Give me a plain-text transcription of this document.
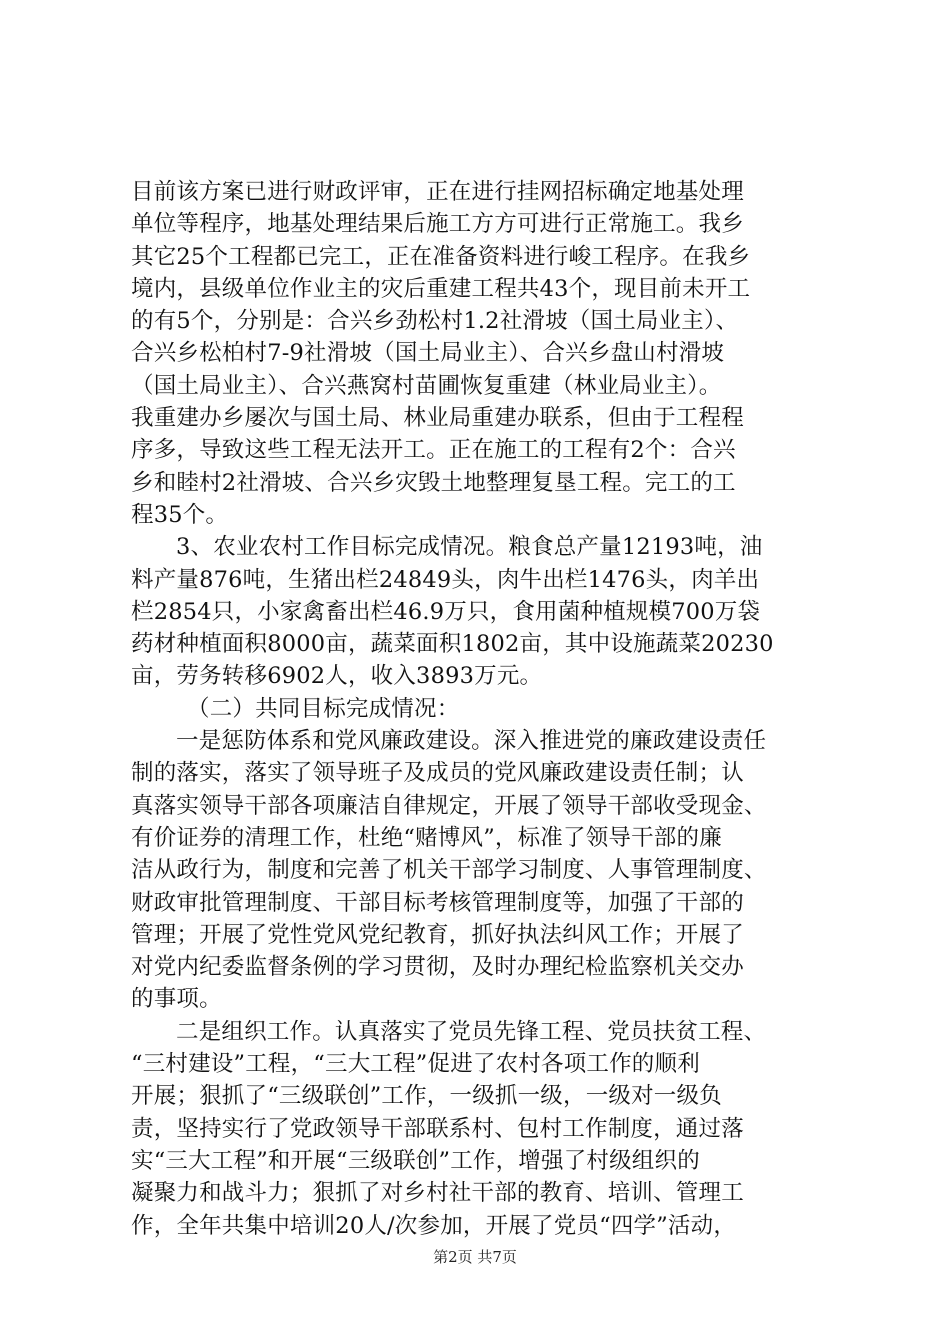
目前该方案已进行财政评审，正在进行挂网招标确定地基处理
单位等程序，地基处理结果后施工方方可进行正常施工。我乡
其它25个工程都已完工，正在准备资料进行峻工程序。在我乡
境内，县级单位作业主的灾后重建工程共43个，现目前未开工
的有5个，分别是：合兴乡劲松村1.2社滑坡（国土局业主）、
合兴乡松柏村7-9社滑坡（国土局业主）、合兴乡盘山村滑坡
（国土局业主）、合兴燕窝村苗圃恢复重建（林业局业主）。
我重建办乡屡次与国土局、林业局重建办联系，但由于工程程
序多，导致这些工程无法开工。正在施工的工程有2个：合兴
乡和睦村2社滑坡、合兴乡灾毁土地整理复垦工程。完工的工
程35个。
3、农业农村工作目标完成情况。粮食总产量12193吨，油
料产量876吨，生猪出栏24849头，肉牛出栏1476头，肉羊出
栏2854只，小家禽畜出栏46.9万只，食用菌种植规模700万袋
药材种植面积8000亩，蔬菜面积1802亩，其中设施蔬菜20230
亩，劳务转移6902人，收入3893万元。
（二）共同目标完成情况：
一是惩防体系和党风廉政建设。深入推进党的廉政建设责任
制的落实，落实了领导班子及成员的党风廉政建设责任制；认
真落实领导干部各项廉洁自律规定，开展了领导干部收受现金、
有价证券的清理工作，杜绝“赌博风”，标准了领导干部的廉
洁从政行为，制度和完善了机关干部学习制度、人事管理制度、
财政审批管理制度、干部目标考核管理制度等，加强了干部的
管理；开展了党性党风党纪教育，抓好执法纠风工作；开展了
对党内纪委监督条例的学习贯彻，及时办理纪检监察机关交办
的事项。
二是组织工作。认真落实了党员先锋工程、党员扶贫工程、
“三村建设”工程，“三大工程”促进了农村各项工作的顺利
开展；狠抓了“三级联创”工作，一级抓一级，一级对一级负
责，坚持实行了党政领导干部联系村、包村工作制度，通过落
实“三大工程”和开展“三级联创”工作，增强了村级组织的
凝聚力和战斗力；狠抓了对乡村社干部的教育、培训、管理工
作，全年共集中培训20人/次参加，开展了党员“四学”活动，
第2页 共7页
